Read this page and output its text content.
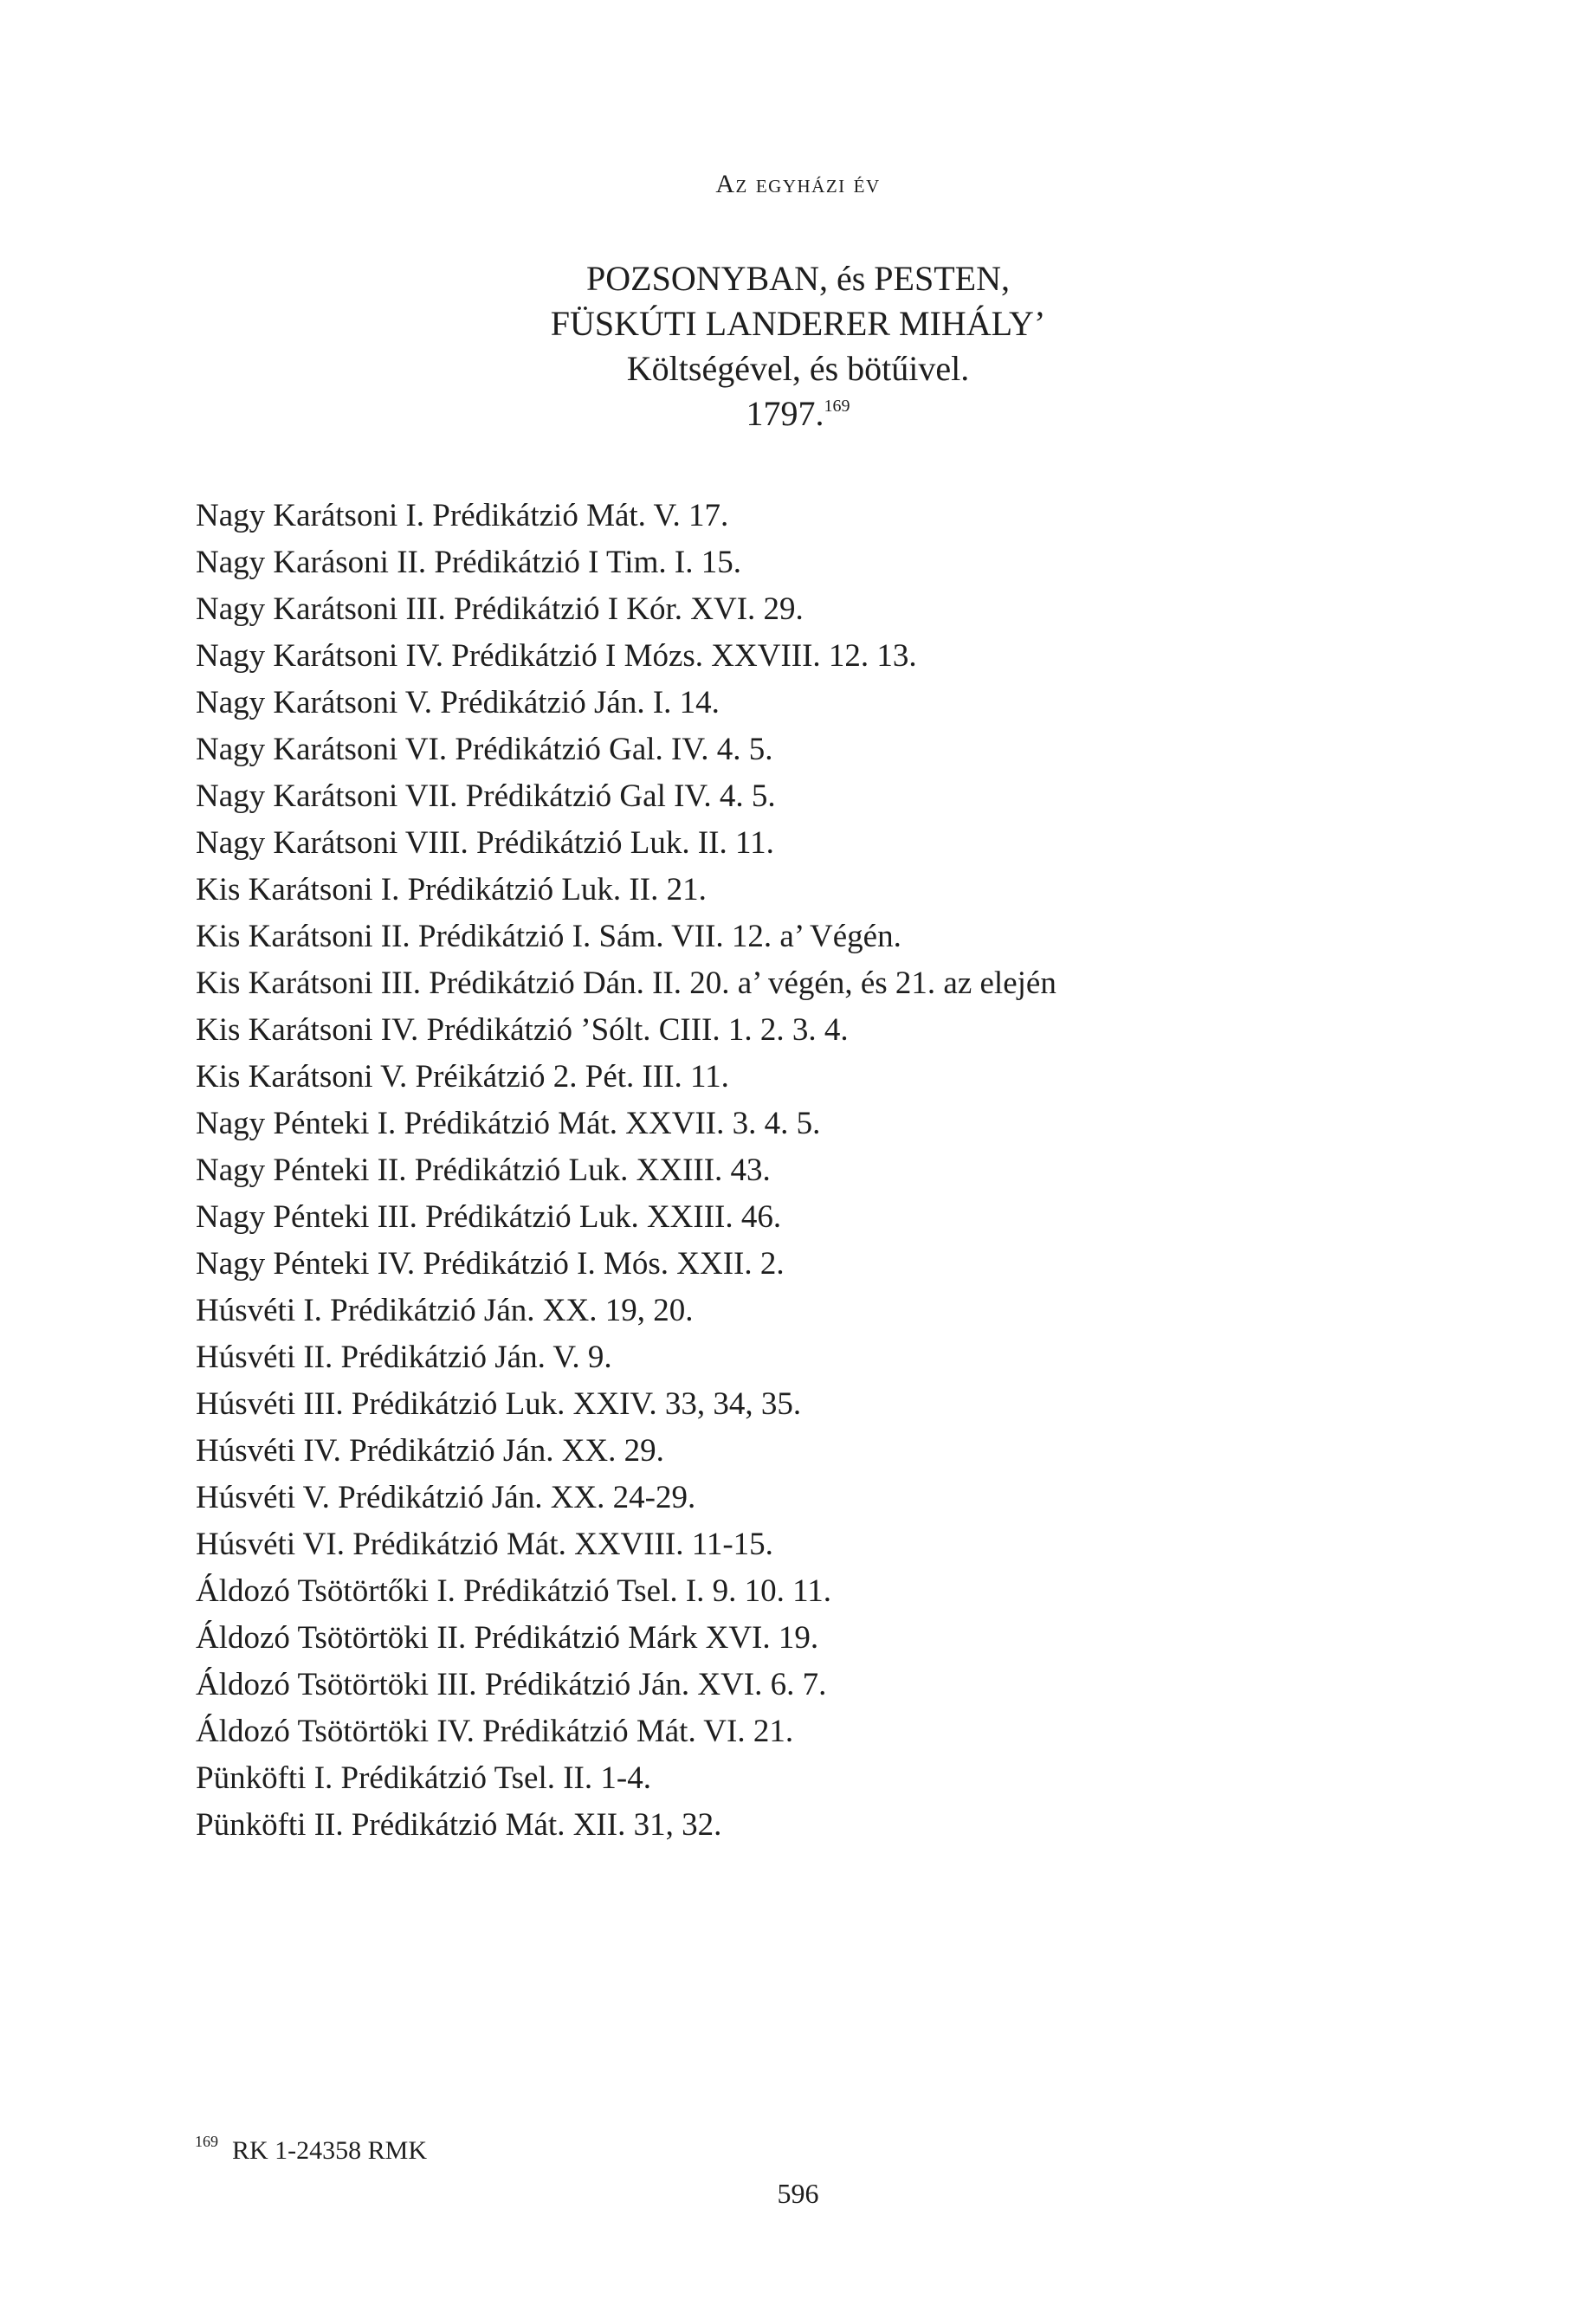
Az egyházi év
POZSONYBAN, és PESTEN,
FÜSKÚTI LANDERER MIHÁLY’
Költségével, és bötűivel.
1797.$^{169}$
Nagy Karátsoni I. Prédikátzió Mát. V. 17.
Nagy Karásoni II. Prédikátzió I Tim. I. 15.
Nagy Karátsoni III. Prédikátzió I Kór. XVI. 29.
Nagy Karátsoni IV. Prédikátzió I Mózs. XXVIII. 12. 13.
Nagy Karátsoni V. Prédikátzió Ján. I. 14.
Nagy Karátsoni VI. Prédikátzió Gal. IV. 4. 5.
Nagy Karátsoni VII. Prédikátzió Gal IV. 4. 5.
Nagy Karátsoni VIII. Prédikátzió Luk. II. 11.
Kis Karátsoni I. Prédikátzió Luk. II. 21.
Kis Karátsoni II. Prédikátzió I. Sám. VII. 12. a’ Végén.
Kis Karátsoni III. Prédikátzió Dán. II. 20. a’ végén, és 21. az elején
Kis Karátsoni IV. Prédikátzió ’Sólt. CIII. 1. 2. 3. 4.
Kis Karátsoni V. Préikátzió 2. Pét. III. 11.
Nagy Pénteki I. Prédikátzió Mát. XXVII. 3. 4. 5.
Nagy Pénteki II. Prédikátzió Luk. XXIII. 43.
Nagy Pénteki III. Prédikátzió Luk. XXIII. 46.
Nagy Pénteki IV. Prédikátzió I. Mós. XXII. 2.
Húsvéti I. Prédikátzió Ján. XX. 19, 20.
Húsvéti II. Prédikátzió Ján. V. 9.
Húsvéti III. Prédikátzió Luk. XXIV. 33, 34, 35.
Húsvéti IV. Prédikátzió Ján. XX. 29.
Húsvéti V. Prédikátzió Ján. XX. 24-29.
Húsvéti VI. Prédikátzió Mát. XXVIII. 11-15.
Áldozó Tsötörtőki I. Prédikátzió Tsel. I. 9. 10. 11.
Áldozó Tsötörtöki II. Prédikátzió Márk XVI. 19.
Áldozó Tsötörtöki III. Prédikátzió Ján. XVI. 6. 7.
Áldozó Tsötörtöki IV. Prédikátzió Mát. VI. 21.
Pünköfti I. Prédikátzió Tsel. II. 1-4.
Pünköfti II. Prédikátzió Mát. XII. 31, 32.
$^{169}$ RK 1-24358 RMK
596
